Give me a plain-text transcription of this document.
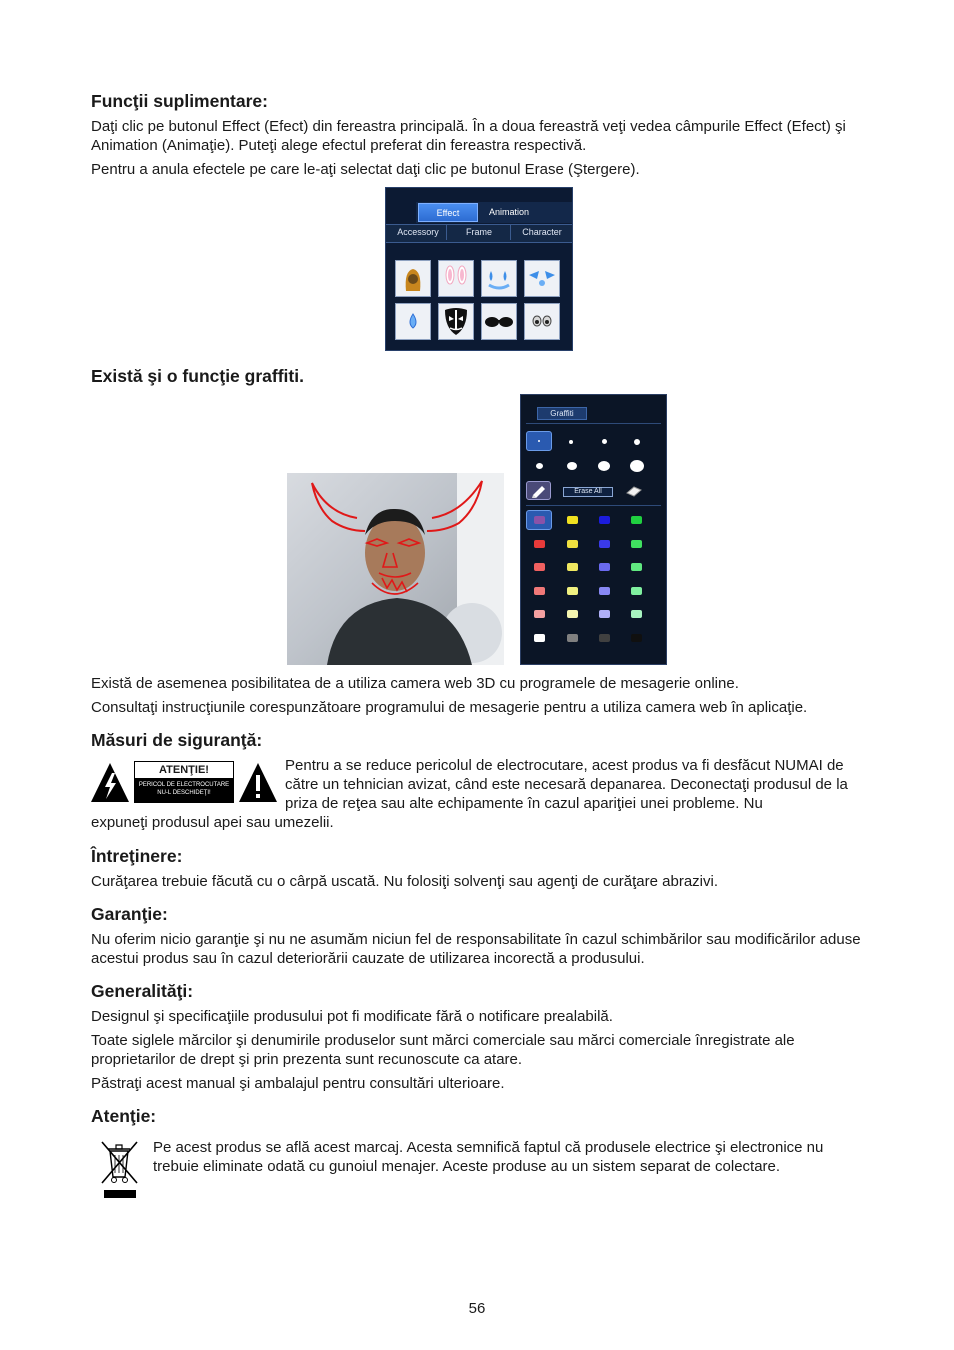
Funcţii suplimentare:

Daţi clic pe butonul Effect (Efect) din fereastra principală. În a doua fereastră veţi vedea câmpurile Effect (Efect) şi Animation (Animaţie). Puteţi alege efectul preferat din fereastra respectivă.

Pentru a anula efectele pe care le-aţi selectat daţi clic pe butonul Erase (Ştergere).

Effect	Animation
Accessory	Frame	Character
Există şi o funcţie graffiti.
Graffiti
Erase All

Există de asemenea posibilitatea de a utiliza camera web 3D cu programele de mesagerie online.

Consultaţi instrucţiunile corespunzătoare programului de mesagerie pentru a utiliza camera web în aplicaţie.

Măsuri de siguranţă:
ATENŢIE!
PERICOL DE ELECTROCUTARE
NU-L DESCHIDEŢI!

Pentru a se reduce pericolul de electrocutare, acest produs va fi desfăcut NUMAI de către un tehnician avizat, când este necesară depanarea. Deconectaţi produsul de la priza de reţea sau alte echipamente în cazul apariţiei unei probleme. Nu

expuneţi produsul apei sau umezelii.

Întreţinere:

Curăţarea trebuie făcută cu o cârpă uscată. Nu folosiţi solvenţi sau agenţi de curăţare abrazivi.

Garanţie:

Nu oferim nicio garanţie şi nu ne asumăm niciun fel de responsabilitate în cazul schimbărilor sau modificărilor aduse acestui produs sau în cazul deteriorării cauzate de utilizarea incorectă a produsului.

Generalităţi:

Designul şi specificaţiile produsului pot fi modificate fără o notificare prealabilă.

Toate siglele mărcilor şi denumirile produselor sunt mărci comerciale sau mărci comerciale înregistrate ale proprietarilor de drept şi prin prezenta sunt recunoscute ca atare.

Păstraţi acest manual şi ambalajul pentru consultări ulterioare.

Atenţie:

Pe acest produs se află acest marcaj. Acesta semnifică faptul că produsele electrice şi electronice nu trebuie eliminate odată cu gunoiul menajer. Aceste produse au un sistem separat de colectare.

56
